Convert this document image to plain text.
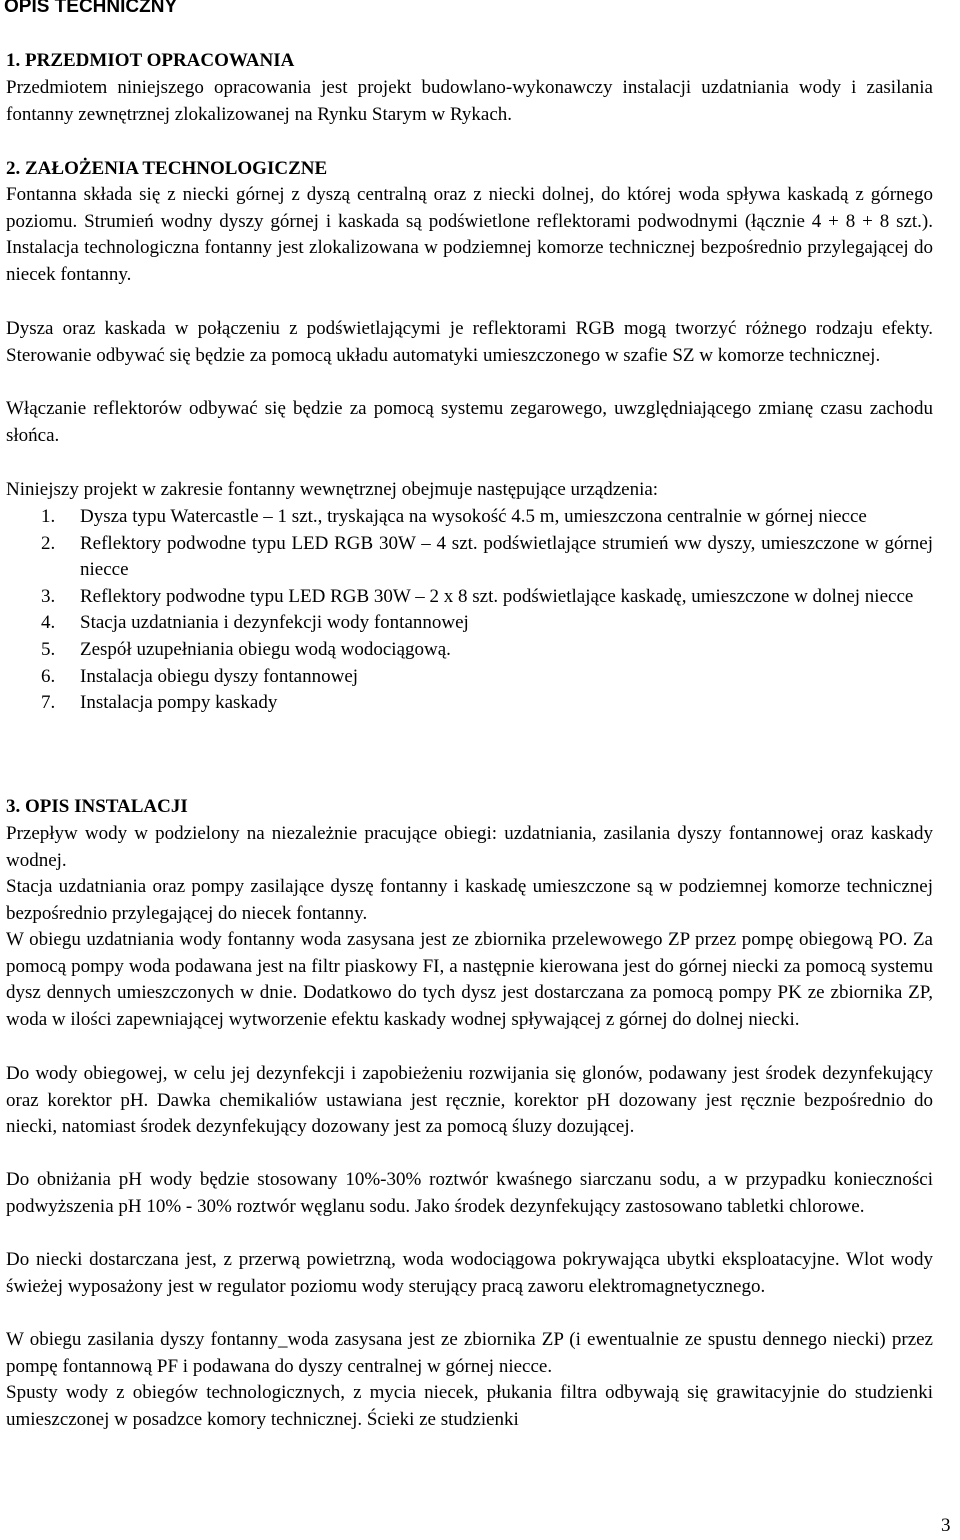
OPIS TECHNICZNY

1. PRZEDMIOT OPRACOWANIA

Przedmiotem niniejszego opracowania jest projekt budowlano-wykonawczy instalacji uzdatniania wody i zasilania fontanny zewnętrznej zlokalizowanej na Rynku Starym w Rykach.

2. ZAŁOŻENIA TECHNOLOGICZNE

Fontanna składa się z niecki górnej z dyszą centralną oraz z niecki dolnej, do której woda spływa kaskadą z górnego poziomu. Strumień wodny dyszy górnej i kaskada są podświetlone reflektorami podwodnymi (łącznie 4 + 8 + 8 szt.). Instalacja technologiczna fontanny jest zlokalizowana w podziemnej komorze technicznej bezpośrednio przylegającej do niecek fontanny.

Dysza oraz kaskada w połączeniu z podświetlającymi je reflektorami RGB mogą tworzyć różnego rodzaju efekty. Sterowanie odbywać się będzie za pomocą układu automatyki umieszczonego w szafie SZ w komorze technicznej.

Włączanie reflektorów odbywać się będzie za pomocą systemu zegarowego, uwzględniającego zmianę czasu zachodu słońca.

Niniejszy projekt w zakresie fontanny wewnętrznej obejmuje następujące urządzenia:

1. Dysza typu Watercastle – 1 szt., tryskająca na wysokość 4.5 m, umieszczona centralnie w górnej niecce
2. Reflektory podwodne typu LED RGB 30W – 4 szt. podświetlające strumień ww dyszy, umieszczone w górnej niecce
3. Reflektory podwodne typu LED RGB 30W – 2 x 8 szt. podświetlające kaskadę, umieszczone w dolnej niecce
4. Stacja uzdatniania i dezynfekcji wody fontannowej
5. Zespół uzupełniania obiegu wodą wodociągową.
6. Instalacja obiegu dyszy fontannowej
7. Instalacja pompy kaskady

3. OPIS INSTALACJI

Przepływ wody w podzielony na niezależnie pracujące obiegi: uzdatniania, zasilania dyszy fontannowej oraz kaskady wodnej.

Stacja uzdatniania oraz pompy zasilające dyszę fontanny i kaskadę umieszczone są w podziemnej komorze technicznej bezpośrednio przylegającej do niecek fontanny.

W obiegu uzdatniania wody fontanny woda zasysana jest ze zbiornika przelewowego ZP przez pompę obiegową PO. Za pomocą pompy woda podawana jest na filtr piaskowy FI, a następnie kierowana jest do górnej niecki za pomocą systemu dysz dennych umieszczonych w dnie. Dodatkowo do tych dysz jest dostarczana za pomocą pompy PK ze zbiornika ZP, woda w ilości zapewniającej wytworzenie efektu kaskady wodnej spływającej z górnej do dolnej niecki.

Do wody obiegowej, w celu jej dezynfekcji i zapobieżeniu rozwijania się glonów, podawany jest środek dezynfekujący oraz korektor pH. Dawka chemikaliów ustawiana jest ręcznie, korektor pH dozowany jest ręcznie bezpośrednio do niecki, natomiast środek dezynfekujący dozowany jest za pomocą śluzy dozującej.

Do obniżania pH wody będzie stosowany 10%-30% roztwór kwaśnego siarczanu sodu, a w przypadku konieczności podwyższenia pH 10% - 30% roztwór węglanu sodu. Jako środek dezynfekujący zastosowano tabletki chlorowe.

Do niecki dostarczana jest, z przerwą powietrzną, woda wodociągowa pokrywająca ubytki eksploatacyjne. Wlot wody świeżej wyposażony jest w regulator poziomu wody sterujący pracą zaworu elektromagnetycznego.

W obiegu zasilania dyszy fontanny_woda zasysana jest ze zbiornika ZP (i ewentualnie ze spustu dennego niecki) przez pompę fontannową PF i podawana do dyszy centralnej w górnej niecce.

Spusty wody z obiegów technologicznych, z mycia niecek, płukania filtra odbywają się grawitacyjnie do studzienki umieszczonej w posadzce komory technicznej. Ścieki ze studzienki

3
